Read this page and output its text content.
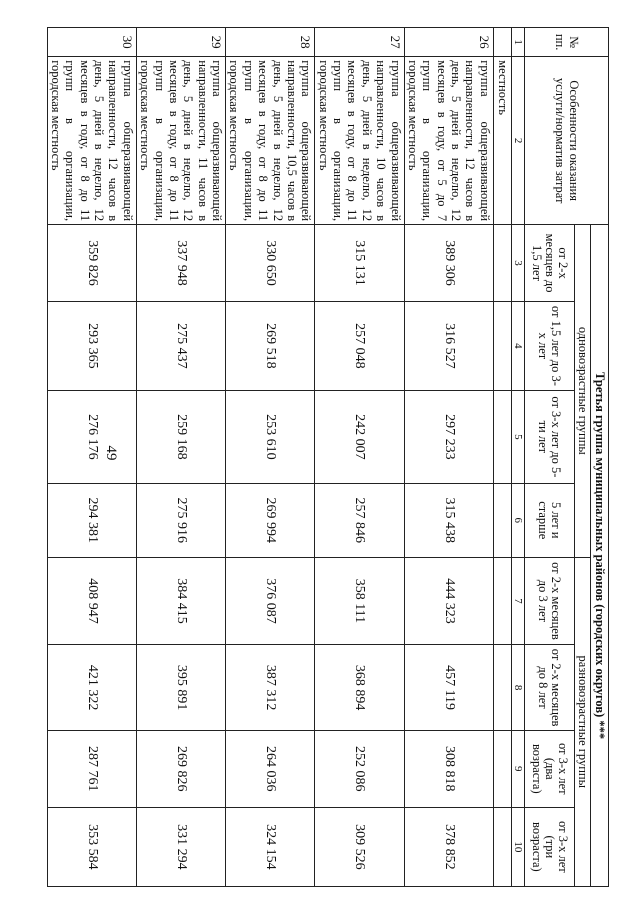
49
№ пп.	Особенности оказания услуги/норматив затрат	Третья группа муниципальных районов (городских округов) ***							
		одновозрастные группы				разновозрастные группы			
		от 2-х месяцев до 1,5 лет	от 1,5 лет до 3-х лет	от 3-х лет до 5-ти лет	5 лет и старше	от 2-х месяцев до 3 лет	от 2-х месяцев до 8 лет	от 3-х лет (два возраста)	от 3-х лет (три возраста)
1	2	3	4	5	6	7	8	9	10
	местность								
26	группа общеразвивающей направленности, 12 часов в день, 5 дней в неделю, 12 месяцев в году, от 5 до 7 групп в организации, городская местность	389 306	316 527	297 233	315 438	444 323	457 119	308 818	378 852
27	группа общеразвивающей направленности, 10 часов в день, 5 дней в неделю, 12 месяцев в году, от 8 до 11 групп в организации, городская местность	315 131	257 048	242 007	257 846	358 111	368 894	252 086	309 526
28	группа общеразвивающей направленности, 10,5 часов в день, 5 дней в неделю, 12 месяцев в году, от 8 до 11 групп в организации, городская местность	330 650	269 518	253 610	269 994	376 087	387 312	264 036	324 154
29	группа общеразвивающей направленности, 11 часов в день, 5 дней в неделю, 12 месяцев в году, от 8 до 11 групп в организации, городская местность	337 948	275 437	259 168	275 916	384 415	395 891	269 826	331 294
30	группа общеразвивающей направленности, 12 часов в день, 5 дней в неделю, 12 месяцев в году, от 8 до 11 групп в организации, городская местность	359 826	293 365	276 176	294 381	408 947	421 322	287 761	353 584
